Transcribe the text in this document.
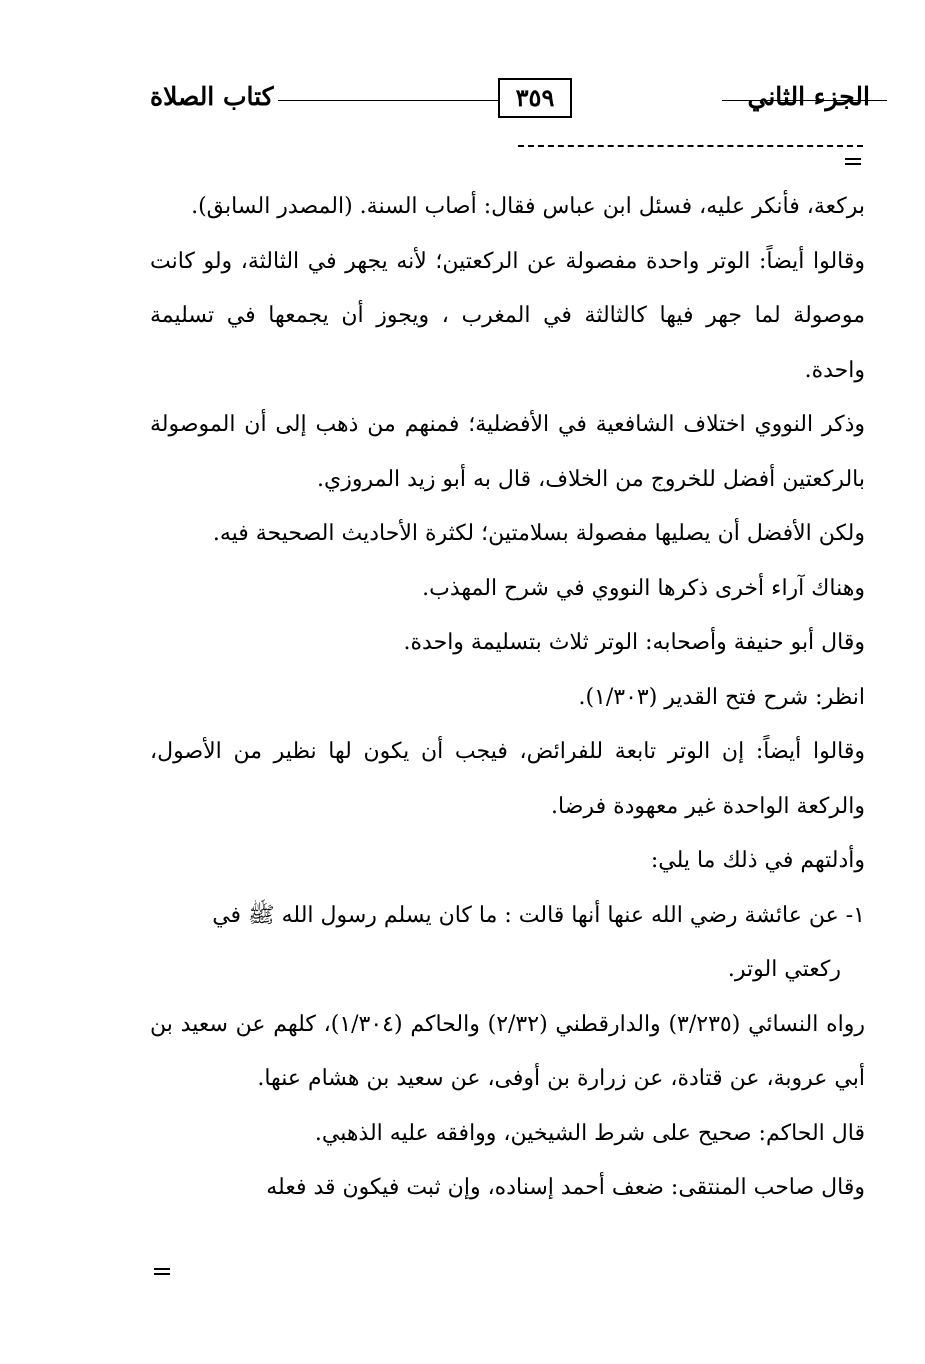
الجزء الثاني
٣٥٩
كتاب الصلاة

بركعة، فأنكر عليه، فسئل ابن عباس فقال: أصاب السنة. (المصدر السابق).

وقالوا أيضاً: الوتر واحدة مفصولة عن الركعتين؛ لأنه يجهر في الثالثة، ولو كانت موصولة لما جهر فيها كالثالثة في المغرب ، ويجوز أن يجمعها في تسليمة واحدة.

وذكر النووي اختلاف الشافعية في الأفضلية؛ فمنهم من ذهب إلى أن الموصولة بالركعتين أفضل للخروج من الخلاف، قال به أبو زيد المروزي.

ولكن الأفضل أن يصليها مفصولة بسلامتين؛ لكثرة الأحاديث الصحيحة فيه.

وهناك آراء أخرى ذكرها النووي في شرح المهذب.

وقال أبو حنيفة وأصحابه: الوتر ثلاث بتسليمة واحدة.

انظر: شرح فتح القدير (١/٣٠٣).

وقالوا أيضاً: إن الوتر تابعة للفرائض، فيجب أن يكون لها نظير من الأصول، والركعة الواحدة غير معهودة فرضا.

وأدلتهم في ذلك ما يلي:

١- عن عائشة رضي الله عنها أنها قالت : ما كان يسلم رسول الله ﷺ في

ركعتي الوتر.

رواه النسائي (٣/٢٣٥) والدارقطني (٢/٣٢) والحاكم (١/٣٠٤)، كلهم عن سعيد بن أبي عروبة، عن قتادة، عن زرارة بن أوفى، عن سعيد بن هشام عنها.

قال الحاكم: صحيح على شرط الشيخين، ووافقه عليه الذهبي.

وقال صاحب المنتقى: ضعف أحمد إسناده، وإن ثبت فيكون قد فعله
